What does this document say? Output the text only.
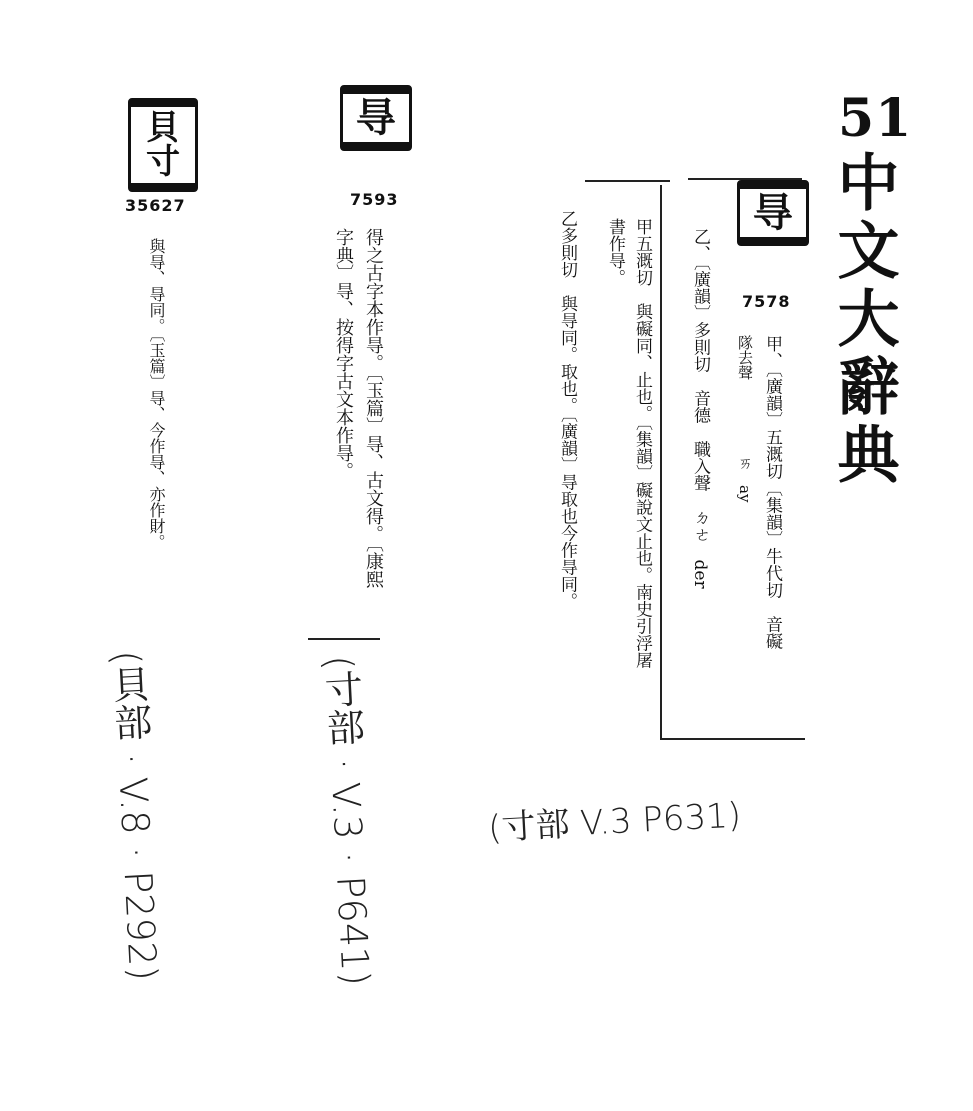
51
中文大辭典
㝵
7578
甲、〔廣韻〕五溉切〔集韻〕牛代切　音礙
隊去聲　　　　　ㄞ　ay
乙、〔廣韻〕多則切　音德　職入聲　ㄉㄜ　der
甲五溉切　與礙同、止也。〔集韻〕礙說文止也。南史引浮屠
書作㝵。
乙多則切　與㝵同。取也。〔廣韻〕㝵取也今作㝵同。
(寸部 V.3 P631)
㝵
7593
得之古字本作㝵。〔玉篇〕㝵、古文得。〔康熙
字典〕㝵、按得字古文本作㝵。
(寸部 · V.3 · P641)
貝寸
35627
與㝵、㝵同。〔玉篇〕㝵、今作㝵、亦作財。
(貝部 · V.8 · P292)
